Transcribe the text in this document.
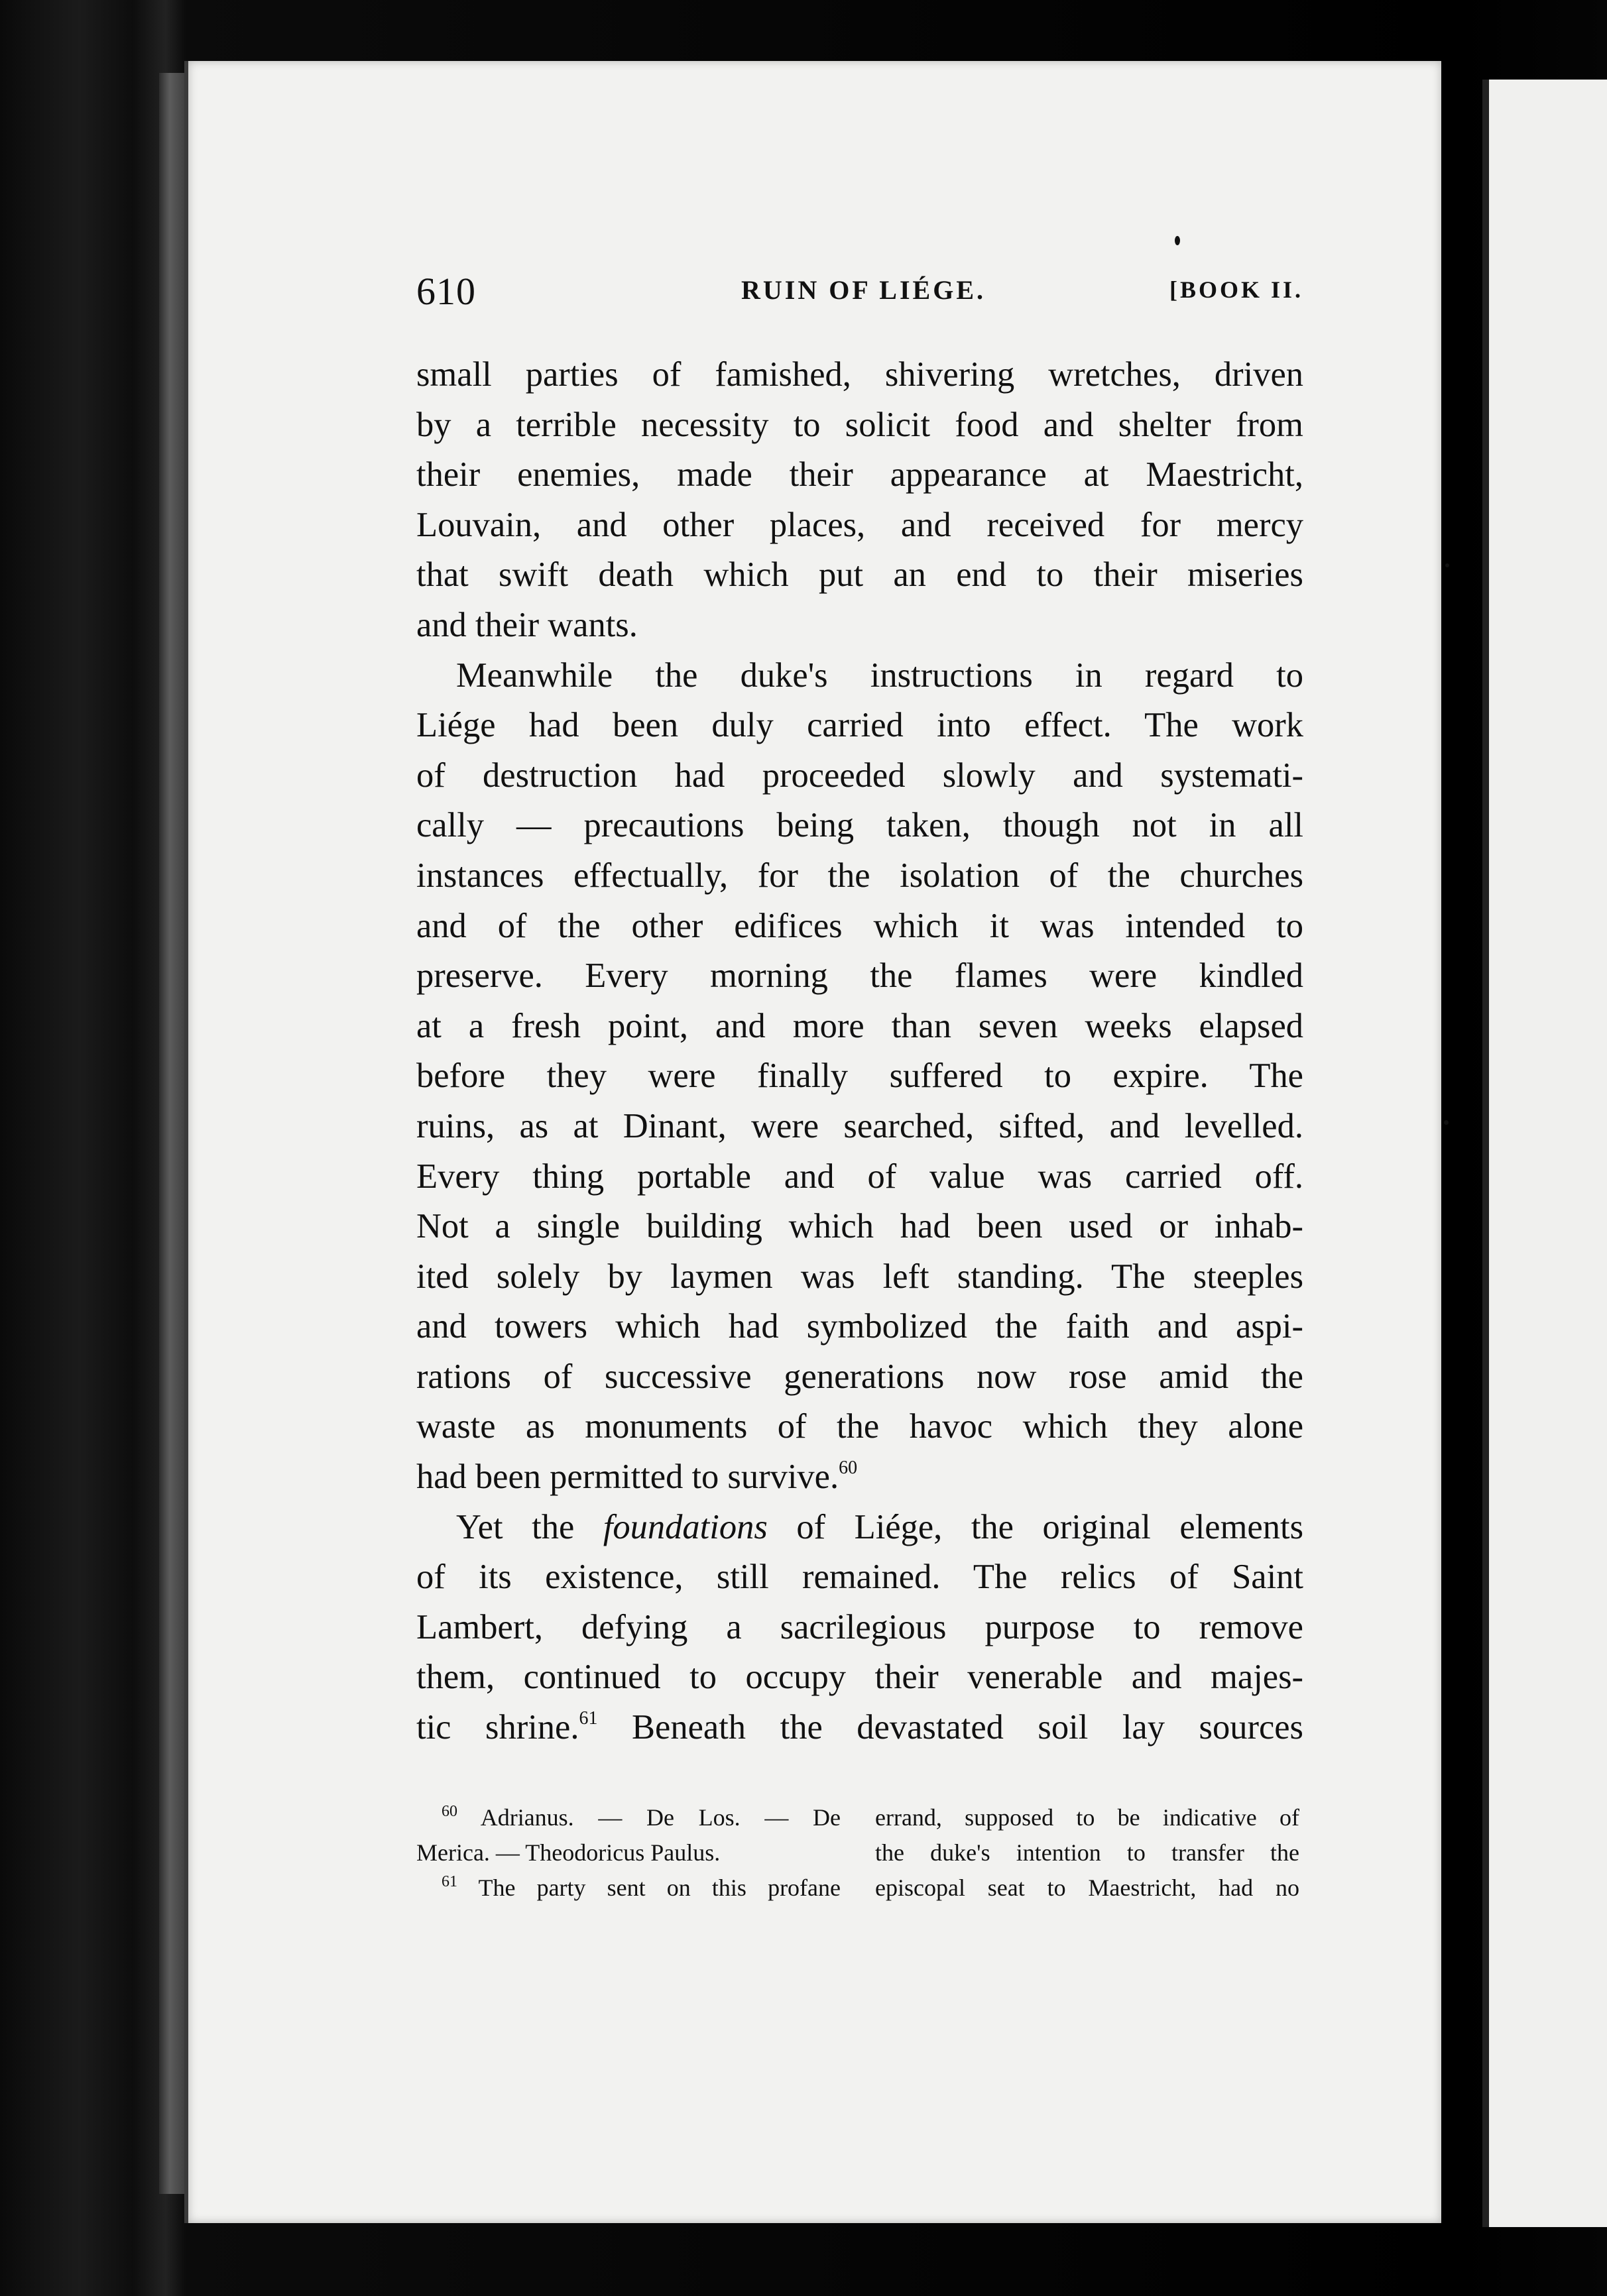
610	RUIN OF LIÉGE.	[BOOK II.
small parties of famished, shivering wretches, driven
by a terrible necessity to solicit food and shelter from
their enemies, made their appearance at Maestricht,
Louvain, and other places, and received for mercy
that swift death which put an end to their miseries
and their wants.
Meanwhile the duke's instructions in regard to
Liége had been duly carried into effect. The work
of destruction had proceeded slowly and systemati-
cally — precautions being taken, though not in all
instances effectually, for the isolation of the churches
and of the other edifices which it was intended to
preserve. Every morning the flames were kindled
at a fresh point, and more than seven weeks elapsed
before they were finally suffered to expire. The
ruins, as at Dinant, were searched, sifted, and levelled.
Every thing portable and of value was carried off.
Not a single building which had been used or inhab-
ited solely by laymen was left standing. The steeples
and towers which had symbolized the faith and aspi-
rations of successive generations now rose amid the
waste as monuments of the havoc which they alone
had been permitted to survive.$^{60}$
Yet the foundations of Liége, the original elements
of its existence, still remained. The relics of Saint
Lambert, defying a sacrilegious purpose to remove
them, continued to occupy their venerable and majes-
tic shrine.$^{61}$ Beneath the devastated soil lay sources
$^{60}$ Adrianus. — De Los. — De
Merica. — Theodoricus Paulus.
$^{61}$ The party sent on this profane
errand, supposed to be indicative of
the duke's intention to transfer the
episcopal seat to Maestricht, had no
